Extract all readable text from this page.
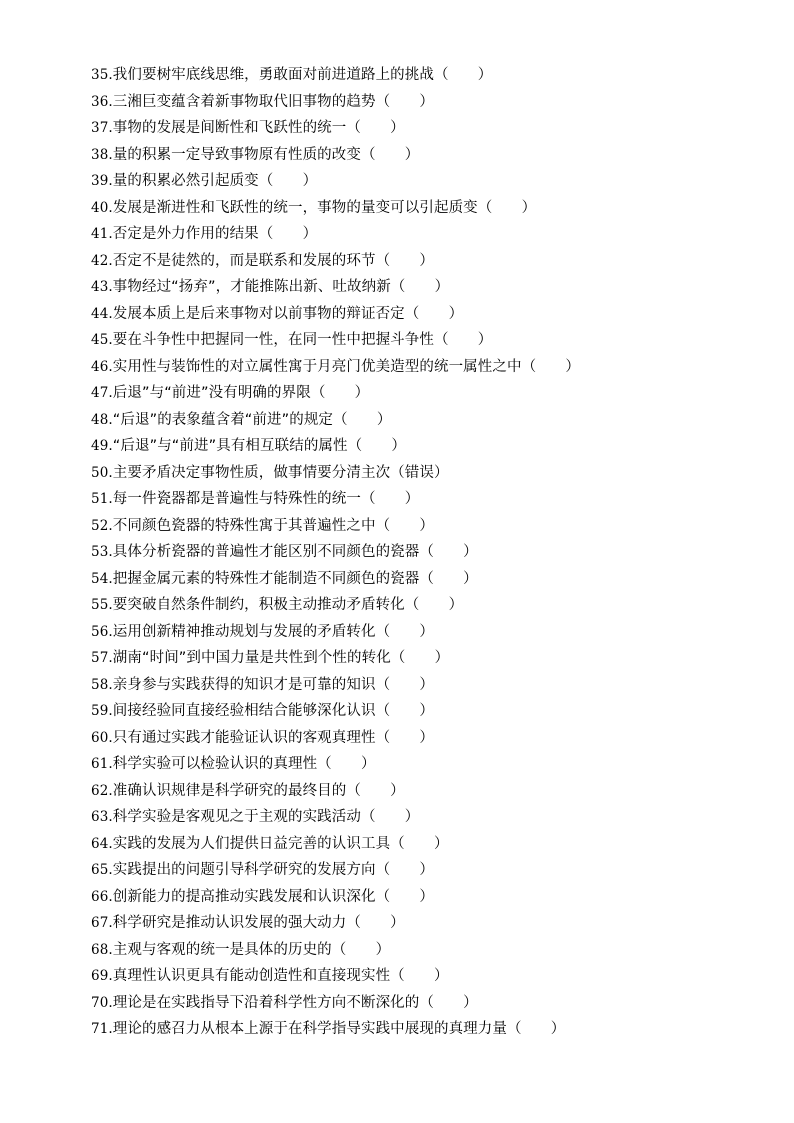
35.我们要树牢底线思维，勇敢面对前进道路上的挑战（　　）
36.三湘巨变蕴含着新事物取代旧事物的趋势（　　）
37.事物的发展是间断性和飞跃性的统一（　　）
38.量的积累一定导致事物原有性质的改变（　　）
39.量的积累必然引起质变（　　）
40.发展是渐进性和飞跃性的统一，事物的量变可以引起质变（　　）
41.否定是外力作用的结果（　　）
42.否定不是徒然的，而是联系和发展的环节（　　）
43.事物经过“扬弃”，才能推陈出新、吐故纳新（　　）
44.发展本质上是后来事物对以前事物的辩证否定（　　）
45.要在斗争性中把握同一性，在同一性中把握斗争性（　　）
46.实用性与装饰性的对立属性寓于月亮门优美造型的统一属性之中（　　）
47.后退”与“前进”没有明确的界限（　　）
48.“后退”的表象蕴含着“前进”的规定（　　）
49.“后退”与“前进”具有相互联结的属性（　　）
50.主要矛盾决定事物性质，做事情要分清主次（错误）
51.每一件瓷器都是普遍性与特殊性的统一（　　）
52.不同颜色瓷器的特殊性寓于其普遍性之中（　　）
53.具体分析瓷器的普遍性才能区别不同颜色的瓷器（　　）
54.把握金属元素的特殊性才能制造不同颜色的瓷器（　　）
55.要突破自然条件制约，积极主动推动矛盾转化（　　）
56.运用创新精神推动规划与发展的矛盾转化（　　）
57.湖南“时间”到中国力量是共性到个性的转化（　　）
58.亲身参与实践获得的知识才是可靠的知识（　　）
59.间接经验同直接经验相结合能够深化认识（　　）
60.只有通过实践才能验证认识的客观真理性（　　）
61.科学实验可以检验认识的真理性（　　）
62.准确认识规律是科学研究的最终目的（　　）
63.科学实验是客观见之于主观的实践活动（　　）
64.实践的发展为人们提供日益完善的认识工具（　　）
65.实践提出的问题引导科学研究的发展方向（　　）
66.创新能力的提高推动实践发展和认识深化（　　）
67.科学研究是推动认识发展的强大动力（　　）
68.主观与客观的统一是具体的历史的（　　）
69.真理性认识更具有能动创造性和直接现实性（　　）
70.理论是在实践指导下沿着科学性方向不断深化的（　　）
71.理论的感召力从根本上源于在科学指导实践中展现的真理力量（　　）
